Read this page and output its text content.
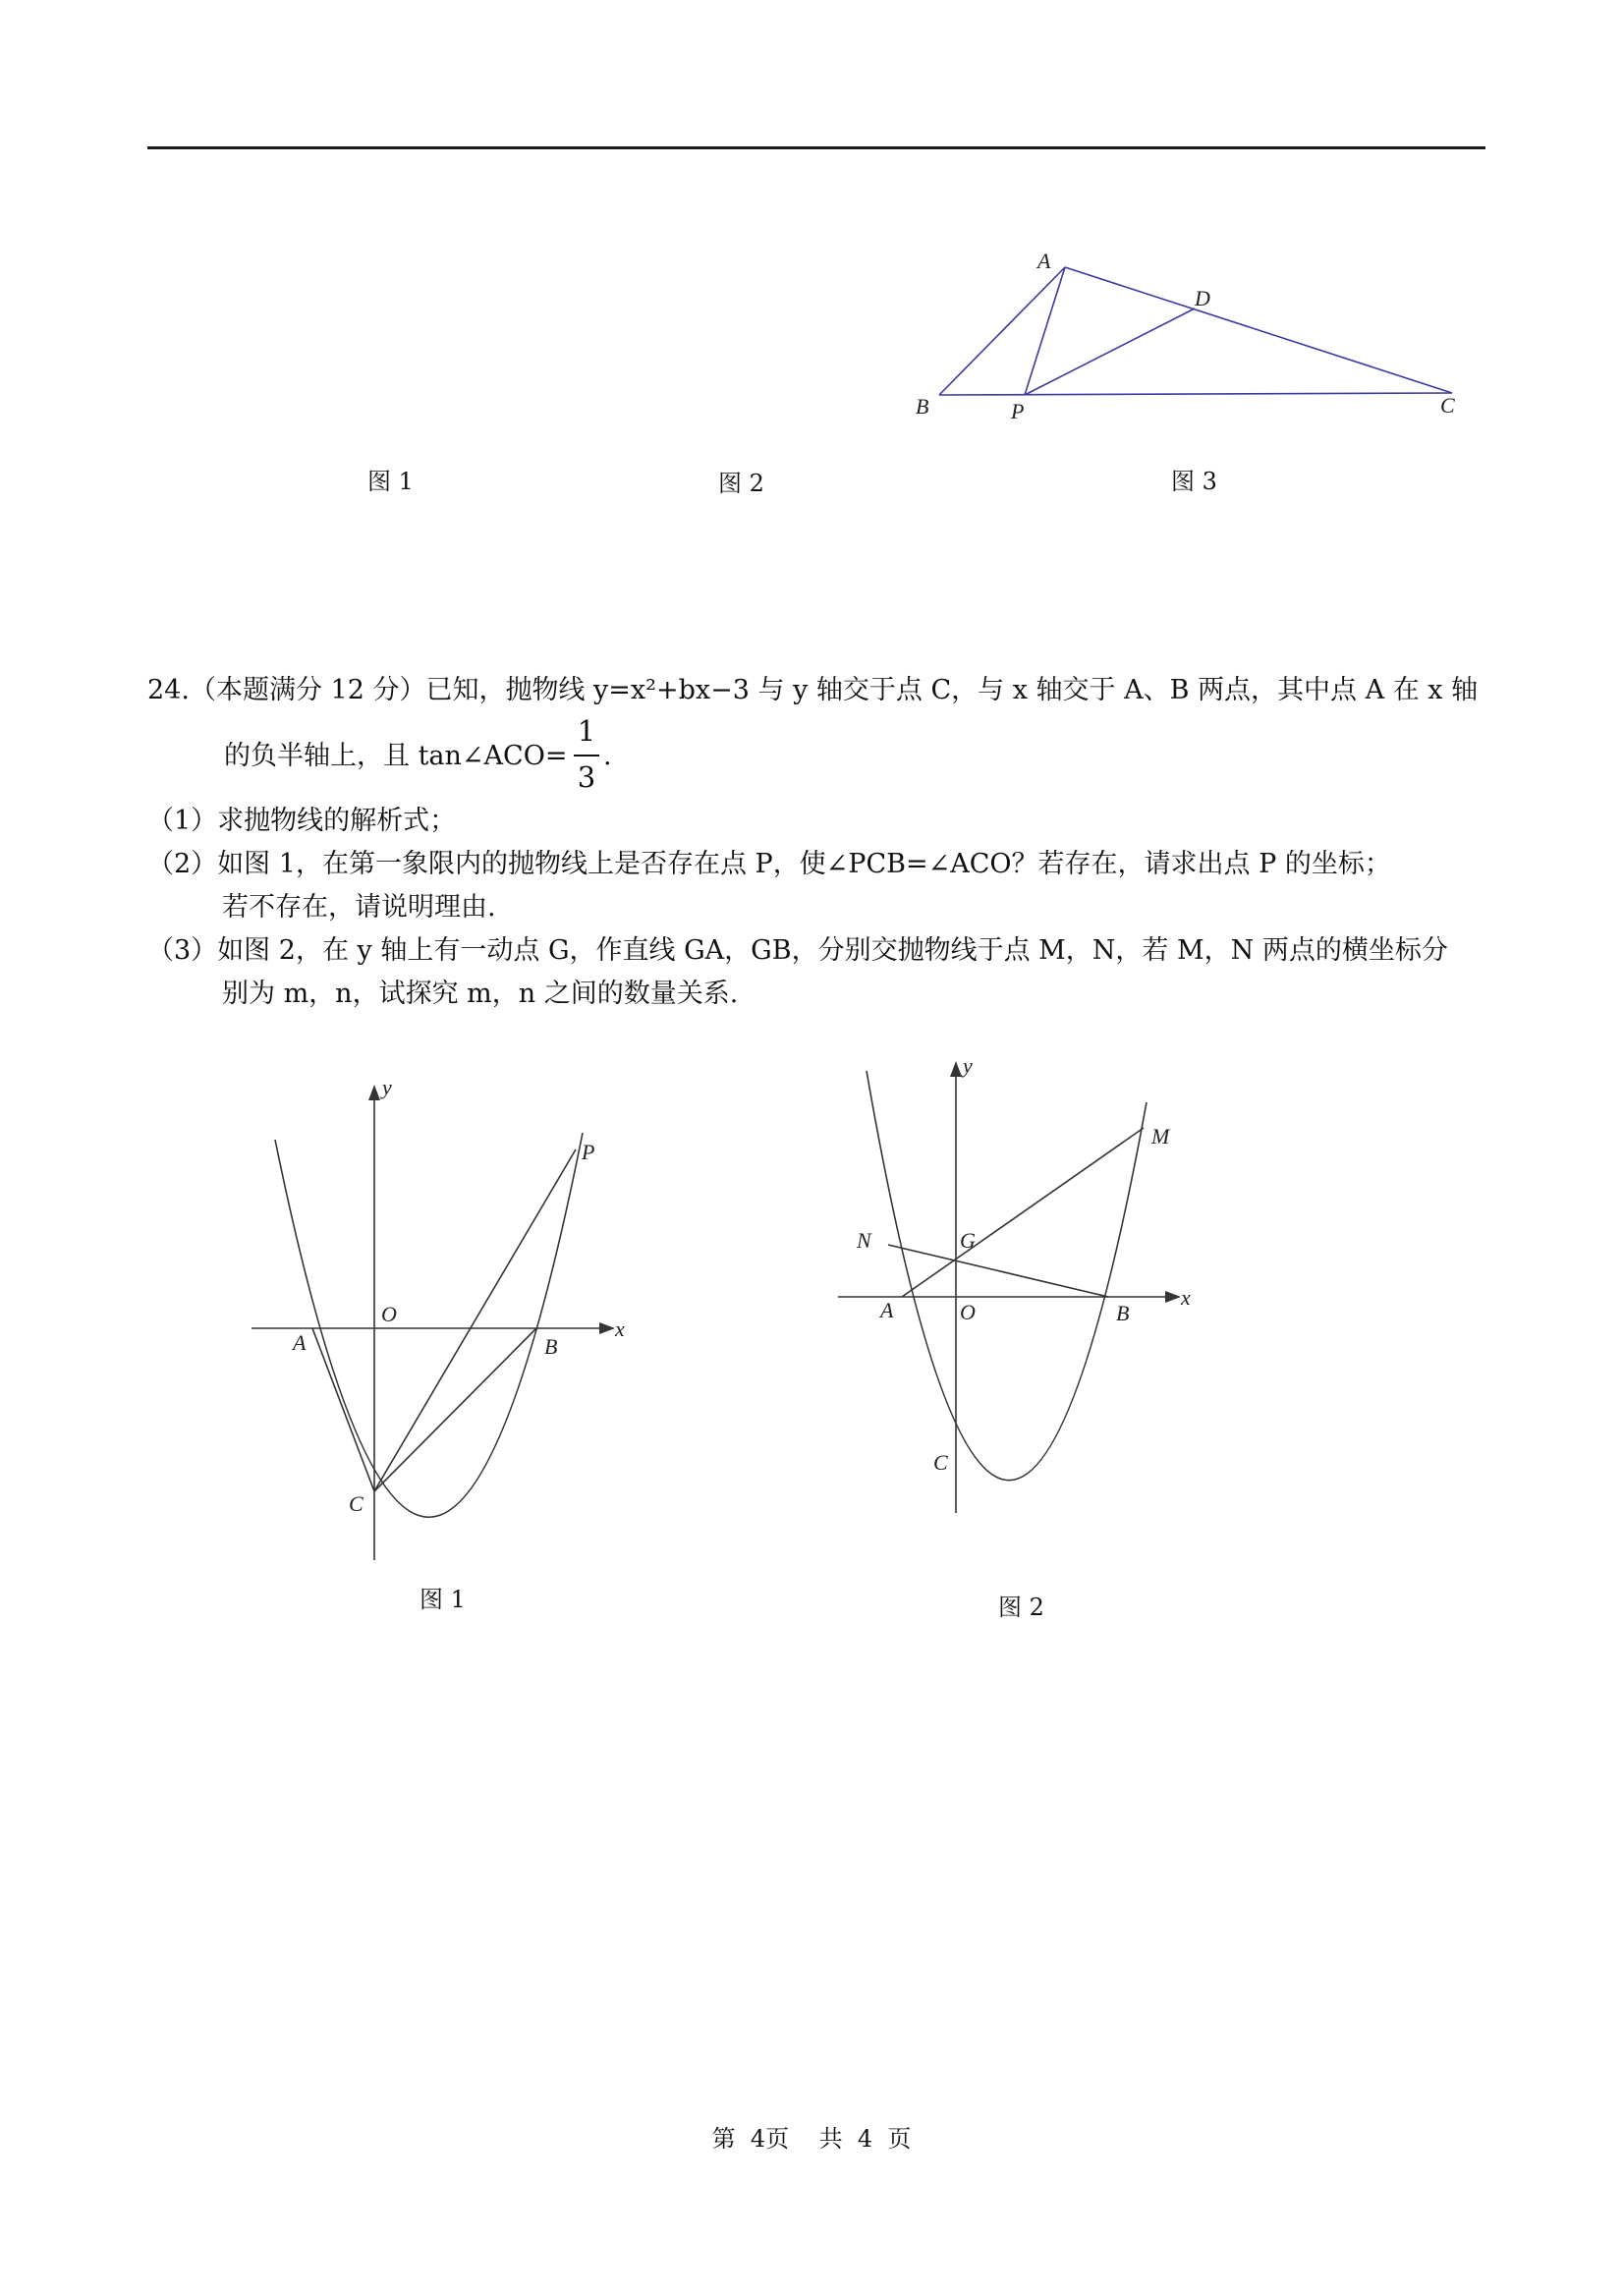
A
D
B	P	C
图 1	图 2	图 3
24.（本题满分 12 分）已知，抛物线 y=x²+bx−3 与 y 轴交于点 C，与 x 轴交于 A、B 两点，其中点 A 在 x 轴
的负半轴上，且 tan∠ACO=
1
3
.
（1）求抛物线的解析式；
（2）如图 1，在第一象限内的抛物线上是否存在点 P，使∠PCB=∠ACO？若存在，请求出点 P 的坐标；
若不存在，请说明理由.
（3）如图 2，在 y 轴上有一动点 G，作直线 GA，GB，分别交抛物线于点 M，N，若 M，N 两点的横坐标分
别为 m，n，试探究 m，n 之间的数量关系.
y
x
O
A	B
C
P
图 1
y
x
O
A	B
C
G
M
N
图 2
第  4页    共  4  页
